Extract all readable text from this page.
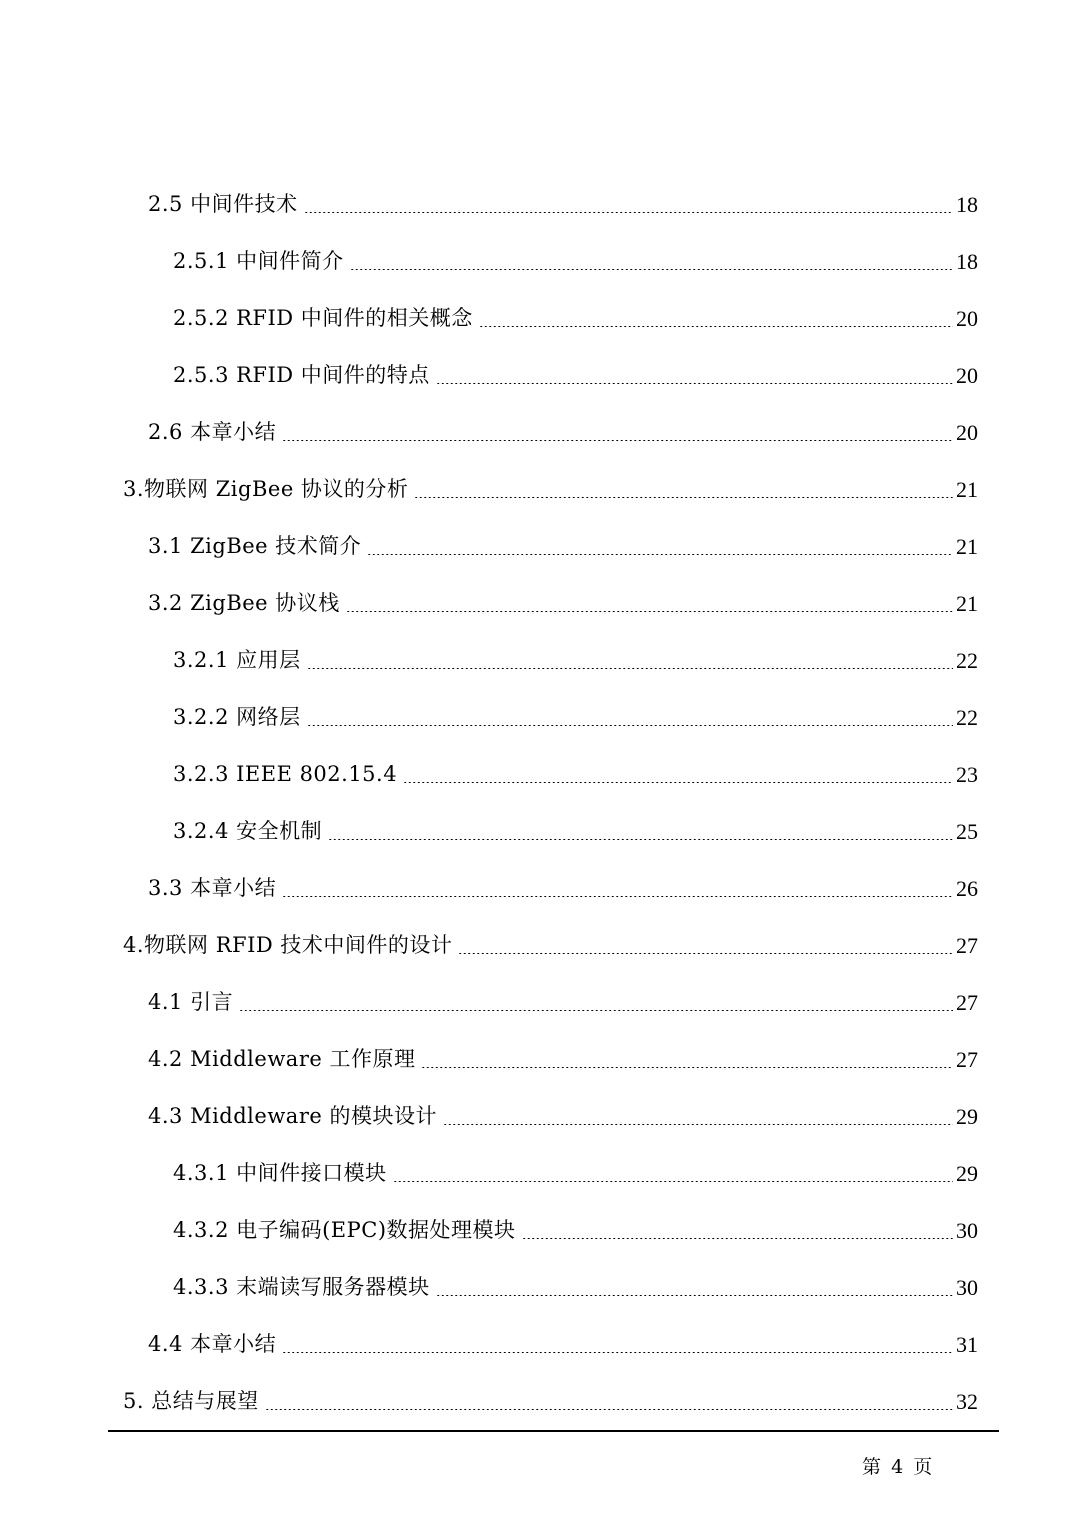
2.5 中间件技术	18
2.5.1 中间件简介	18
2.5.2 RFID 中间件的相关概念	20
2.5.3 RFID 中间件的特点	20
2.6 本章小结	20
3.物联网 ZigBee 协议的分析	21
3.1 ZigBee 技术简介	21
3.2 ZigBee 协议栈	21
3.2.1 应用层	22
3.2.2 网络层	22
3.2.3 IEEE 802.15.4	23
3.2.4 安全机制	25
3.3 本章小结	26
4.物联网 RFID 技术中间件的设计	27
4.1 引言	27
4.2 Middleware 工作原理	27
4.3 Middleware 的模块设计	29
4.3.1 中间件接口模块	29
4.3.2 电子编码(EPC)数据处理模块	30
4.3.3 末端读写服务器模块	30
4.4 本章小结	31
5. 总结与展望	32
第 4 页
